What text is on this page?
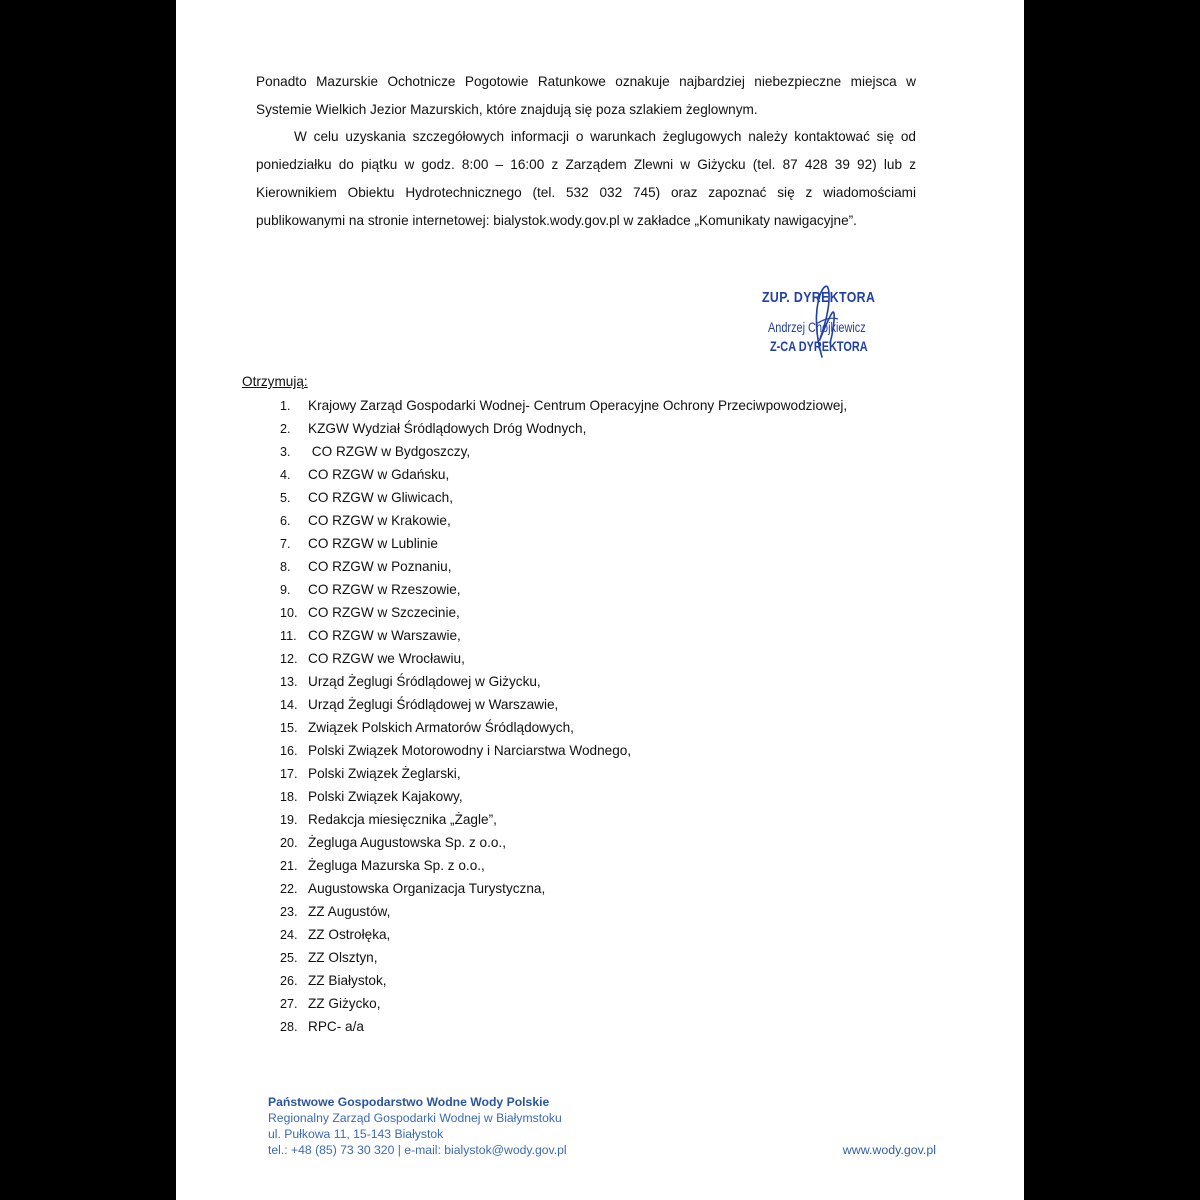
Ponadto Mazurskie Ochotnicze Pogotowie Ratunkowe oznakuje najbardziej niebezpieczne miejsca w Systemie Wielkich Jezior Mazurskich, które znajdują się poza szlakiem żeglownym.

W celu uzyskania szczegółowych informacji o warunkach żeglugowych należy kontaktować się od poniedziałku do piątku w godz. 8:00 – 16:00 z Zarządem Zlewni w Giżycku (tel. 87 428 39 92) lub z Kierownikiem Obiektu Hydrotechnicznego (tel. 532 032 745) oraz zapoznać się z wiadomościami publikowanymi na stronie internetowej: bialystok.wody.gov.pl w zakładce „Komunikaty nawigacyjne”.

ZUP. DYREKTORA
Andrzej Chojkiewicz
Z-CA DYREKTORA

Otrzymują:

1. Krajowy Zarząd Gospodarki Wodnej- Centrum Operacyjne Ochrony Przeciwpowodziowej,
2. KZGW Wydział Śródlądowych Dróg Wodnych,
3. CO RZGW w Bydgoszczy,
4. CO RZGW w Gdańsku,
5. CO RZGW w Gliwicach,
6. CO RZGW w Krakowie,
7. CO RZGW w Lublinie
8. CO RZGW w Poznaniu,
9. CO RZGW w Rzeszowie,
10. CO RZGW w Szczecinie,
11. CO RZGW w Warszawie,
12. CO RZGW we Wrocławiu,
13. Urząd Żeglugi Śródlądowej w Giżycku,
14. Urząd Żeglugi Śródlądowej w Warszawie,
15. Związek Polskich Armatorów Śródlądowych,
16. Polski Związek Motorowodny i Narciarstwa Wodnego,
17. Polski Związek Żeglarski,
18. Polski Związek Kajakowy,
19. Redakcja miesięcznika „Żagle”,
20. Żegluga Augustowska Sp. z o.o.,
21. Żegluga Mazurska Sp. z o.o.,
22. Augustowska Organizacja Turystyczna,
23. ZZ Augustów,
24. ZZ Ostrołęka,
25. ZZ Olsztyn,
26. ZZ Białystok,
27. ZZ Giżycko,
28. RPC- a/a
Państwowe Gospodarstwo Wodne Wody Polskie
Regionalny Zarząd Gospodarki Wodnej w Białymstoku
ul. Pułkowa 11, 15-143 Białystok
tel.: +48 (85) 73 30 320 | e-mail: bialystok@wody.gov.pl	www.wody.gov.pl
